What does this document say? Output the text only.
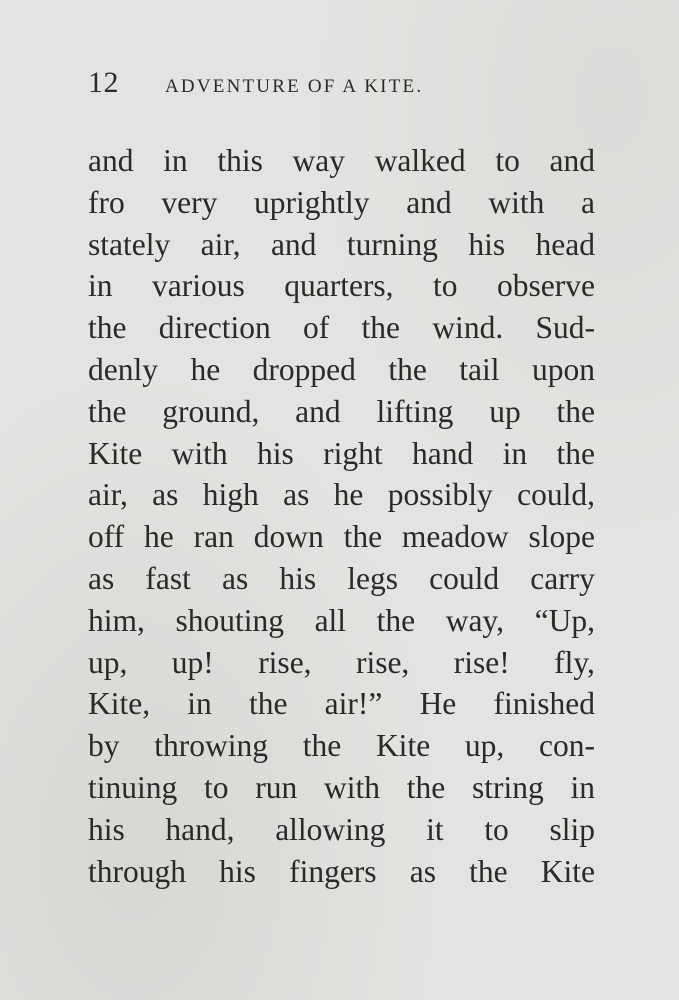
12 ADVENTURE OF A KITE.
and in this way walked to and
fro very uprightly and with a
stately air, and turning his head
in various quarters, to observe
the direction of the wind. Sud-
denly he dropped the tail upon
the ground, and lifting up the
Kite with his right hand in the
air, as high as he possibly could,
off he ran down the meadow slope
as fast as his legs could carry
him, shouting all the way, “Up,
up, up! rise, rise, rise! fly,
Kite, in the air!” He finished
by throwing the Kite up, con-
tinuing to run with the string in
his hand, allowing it to slip
through his fingers as the Kite
